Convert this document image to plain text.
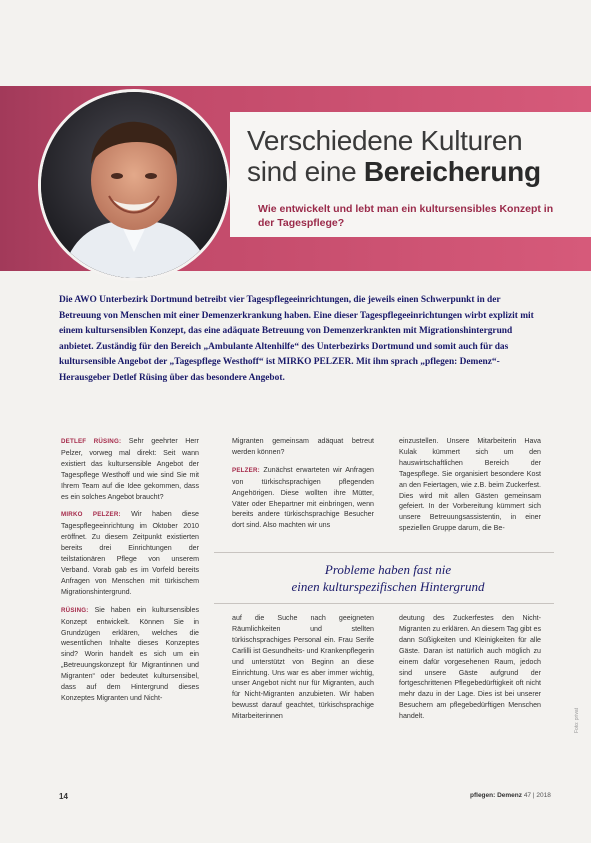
Verschiedene Kulturen
sind eine Bereicherung
Wie entwickelt und lebt man ein kultursensibles Konzept in der Tagespflege?

Die AWO Unterbezirk Dortmund betreibt vier Tagespflegeeinrichtungen, die jeweils einen Schwerpunkt in der Betreuung von Menschen mit einer Demenzerkrankung haben. Eine dieser Tagespflegeeinrichtungen wirbt explizit mit einem kultursensiblen Konzept, das eine adäquate Betreuung von Demenzerkrankten mit Migrationshintergrund anbietet. Zuständig für den Bereich „Ambulante Altenhilfe“ des Unterbezirks Dortmund und somit auch für das kultursensible Angebot der „Tagespflege Westhoff“ ist MIRKO PELZER. Mit ihm sprach „pflegen: Demenz“-Herausgeber Detlef Rüsing über das besondere Angebot.

DETLEF RÜSING: Sehr geehrter Herr Pelzer, vorweg mal direkt: Seit wann existiert das kultursensible Angebot der Tagespflege Westhoff und wie sind Sie mit Ihrem Team auf die Idee gekommen, dass es ein solches Angebot braucht?

MIRKO PELZER: Wir haben diese Tagespflegeeinrichtung im Oktober 2010 eröffnet. Zu diesem Zeitpunkt existierten bereits drei Einrichtungen der teilstationären Pflege von unserem Verband. Vorab gab es im Vorfeld bereits Anfragen von Menschen mit türkischem Migrationshintergrund.

RÜSING: Sie haben ein kultursensibles Konzept entwickelt. Können Sie in Grundzügen erklären, welches die wesentlichen Inhalte dieses Konzeptes sind? Worin handelt es sich um ein „Betreuungskonzept für Migrantinnen und Migranten“ oder bedeutet kultursensibel, dass auf dem Hintergrund dieses Konzeptes Migranten und Nicht-

Migranten gemeinsam adäquat betreut werden können?

PELZER: Zunächst erwarteten wir Anfragen von türkischsprachigen pflegenden Angehörigen. Diese wollten ihre Mütter, Väter oder Ehepartner mit einbringen, wenn bereits andere türkischsprachige Besucher dort sind. Also machten wir uns

einzustellen. Unsere Mitarbeiterin Hava Kulak kümmert sich um den hauswirtschaftlichen Bereich der Tagespflege. Sie organisiert besondere Kost an den Feiertagen, wie z.B. beim Zuckerfest. Dies wird mit allen Gästen gemeinsam gefeiert. In der Vorbereitung kümmert sich unsere Betreuungsassistentin, in einer speziellen Gruppe darum, die Be-

Probleme haben fast nie
einen kulturspezifischen Hintergrund

auf die Suche nach geeigneten Räumlichkeiten und stellten türkischsprachiges Personal ein. Frau Serife Carlilli ist Gesundheits- und Krankenpflegerin und unterstützt von Beginn an diese Einrichtung. Uns war es aber immer wichtig, unser Angebot nicht nur für Migranten, auch für Nicht-Migranten anzubieten. Wir haben bewusst darauf geachtet, türkischsprachige Mitarbeiterinnen

deutung des Zuckerfestes den Nicht-Migranten zu erklären. An diesem Tag gibt es dann Süßigkeiten und Kleinigkeiten für alle Gäste. Daran ist natürlich auch möglich zu einem dafür vorgesehenen Raum, jedoch sind unsere Gäste aufgrund der fortgeschrittenen Pflegebedürftigkeit oft nicht mehr dazu in der Lage. Dies ist bei unserer Besuchern am pflegebedürftigen Menschen handelt.	Foto: privat
14	pflegen: Demenz 47 | 2018
